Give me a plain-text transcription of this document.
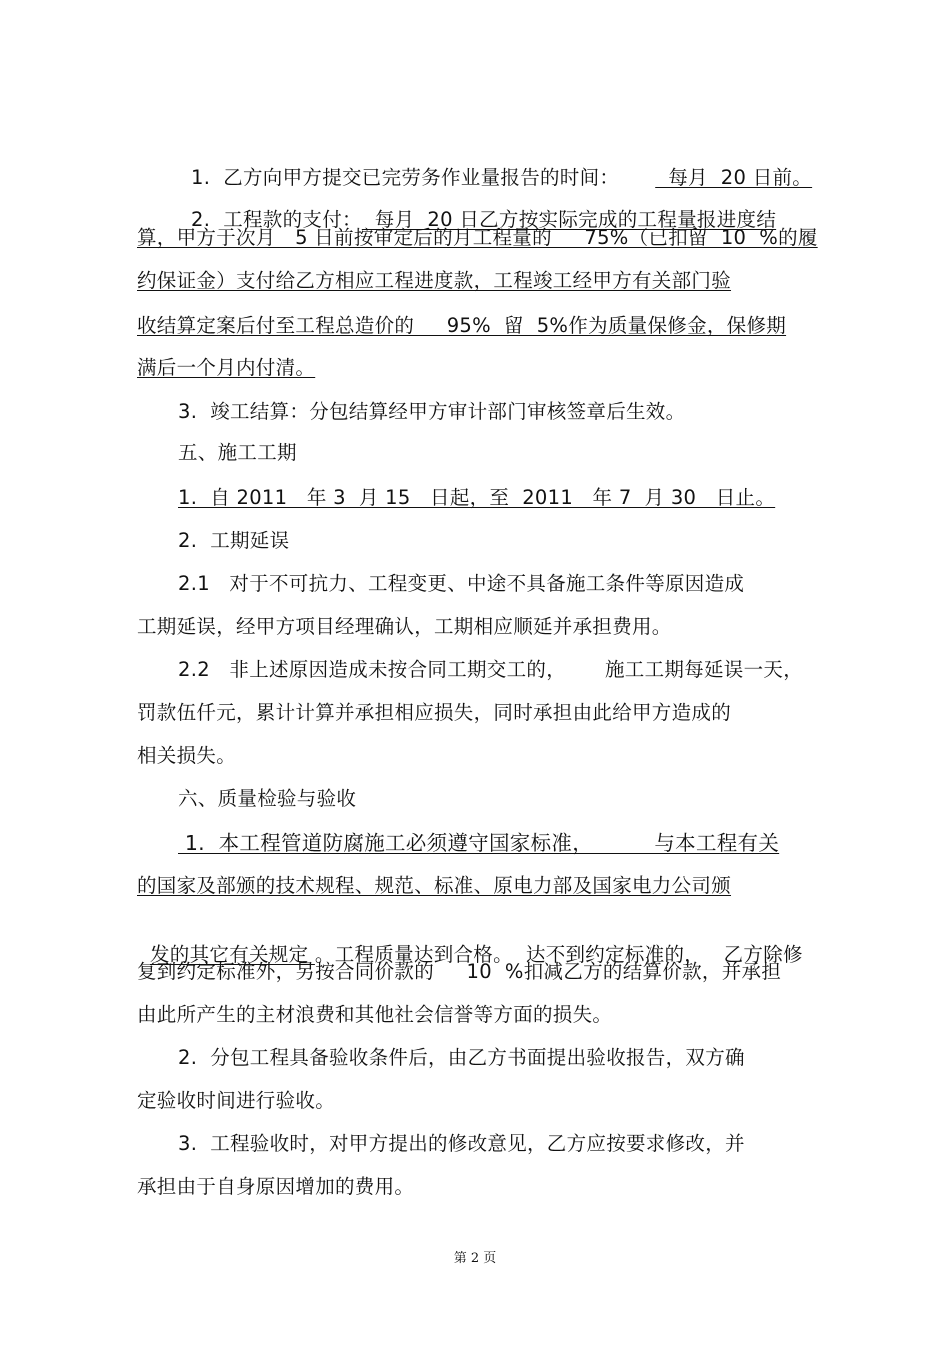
1.  乙方向甲方提交已完劳务作业量报告的时间：  每月  20 日前。

2.  工程款的支付：  每月  20 日乙方按实际完成的工程量报进度结

算，甲方于次月   5 日前按审定后的月工程量的     75%（已扣留  10  %的履
约保证金）支付给乙方相应工程进度款，工程竣工经甲方有关部门验
收结算定案后付至工程总造价的     95%  留  5%作为质量保修金，保修期
满后一个月内付清。
3.  竣工结算：分包结算经甲方审计部门审核签章后生效。
五、施工工期
1.  自 2011   年 3  月 15   日起，至  2011   年 7  月 30   日止。
2.  工期延误
2.1   对于不可抗力、工程变更、中途不具备施工条件等原因造成
工期延误，经甲方项目经理确认，工期相应顺延并承担费用。
2.2   非上述原因造成未按合同工期交工的，      施工工期每延误一天，
罚款伍仟元，累计计算并承担相应损失，同时承担由此给甲方造成的
相关损失。
六、质量检验与验收
1.  本工程管道防腐施工必须遵守国家标准，         与本工程有关
的国家及部颁的技术规程、规范、标准、原电力部及国家电力公司颁

发的其它有关规定 。工程质量达到合格。  达不到约定标准的，   乙方除修

复到约定标准外，另按合同价款的     10  %扣减乙方的结算价款，并承担
由此所产生的主材浪费和其他社会信誉等方面的损失。
2.  分包工程具备验收条件后，由乙方书面提出验收报告，双方确
定验收时间进行验收。
3.  工程验收时，对甲方提出的修改意见，乙方应按要求修改，并
承担由于自身原因增加的费用。
第 2 页
